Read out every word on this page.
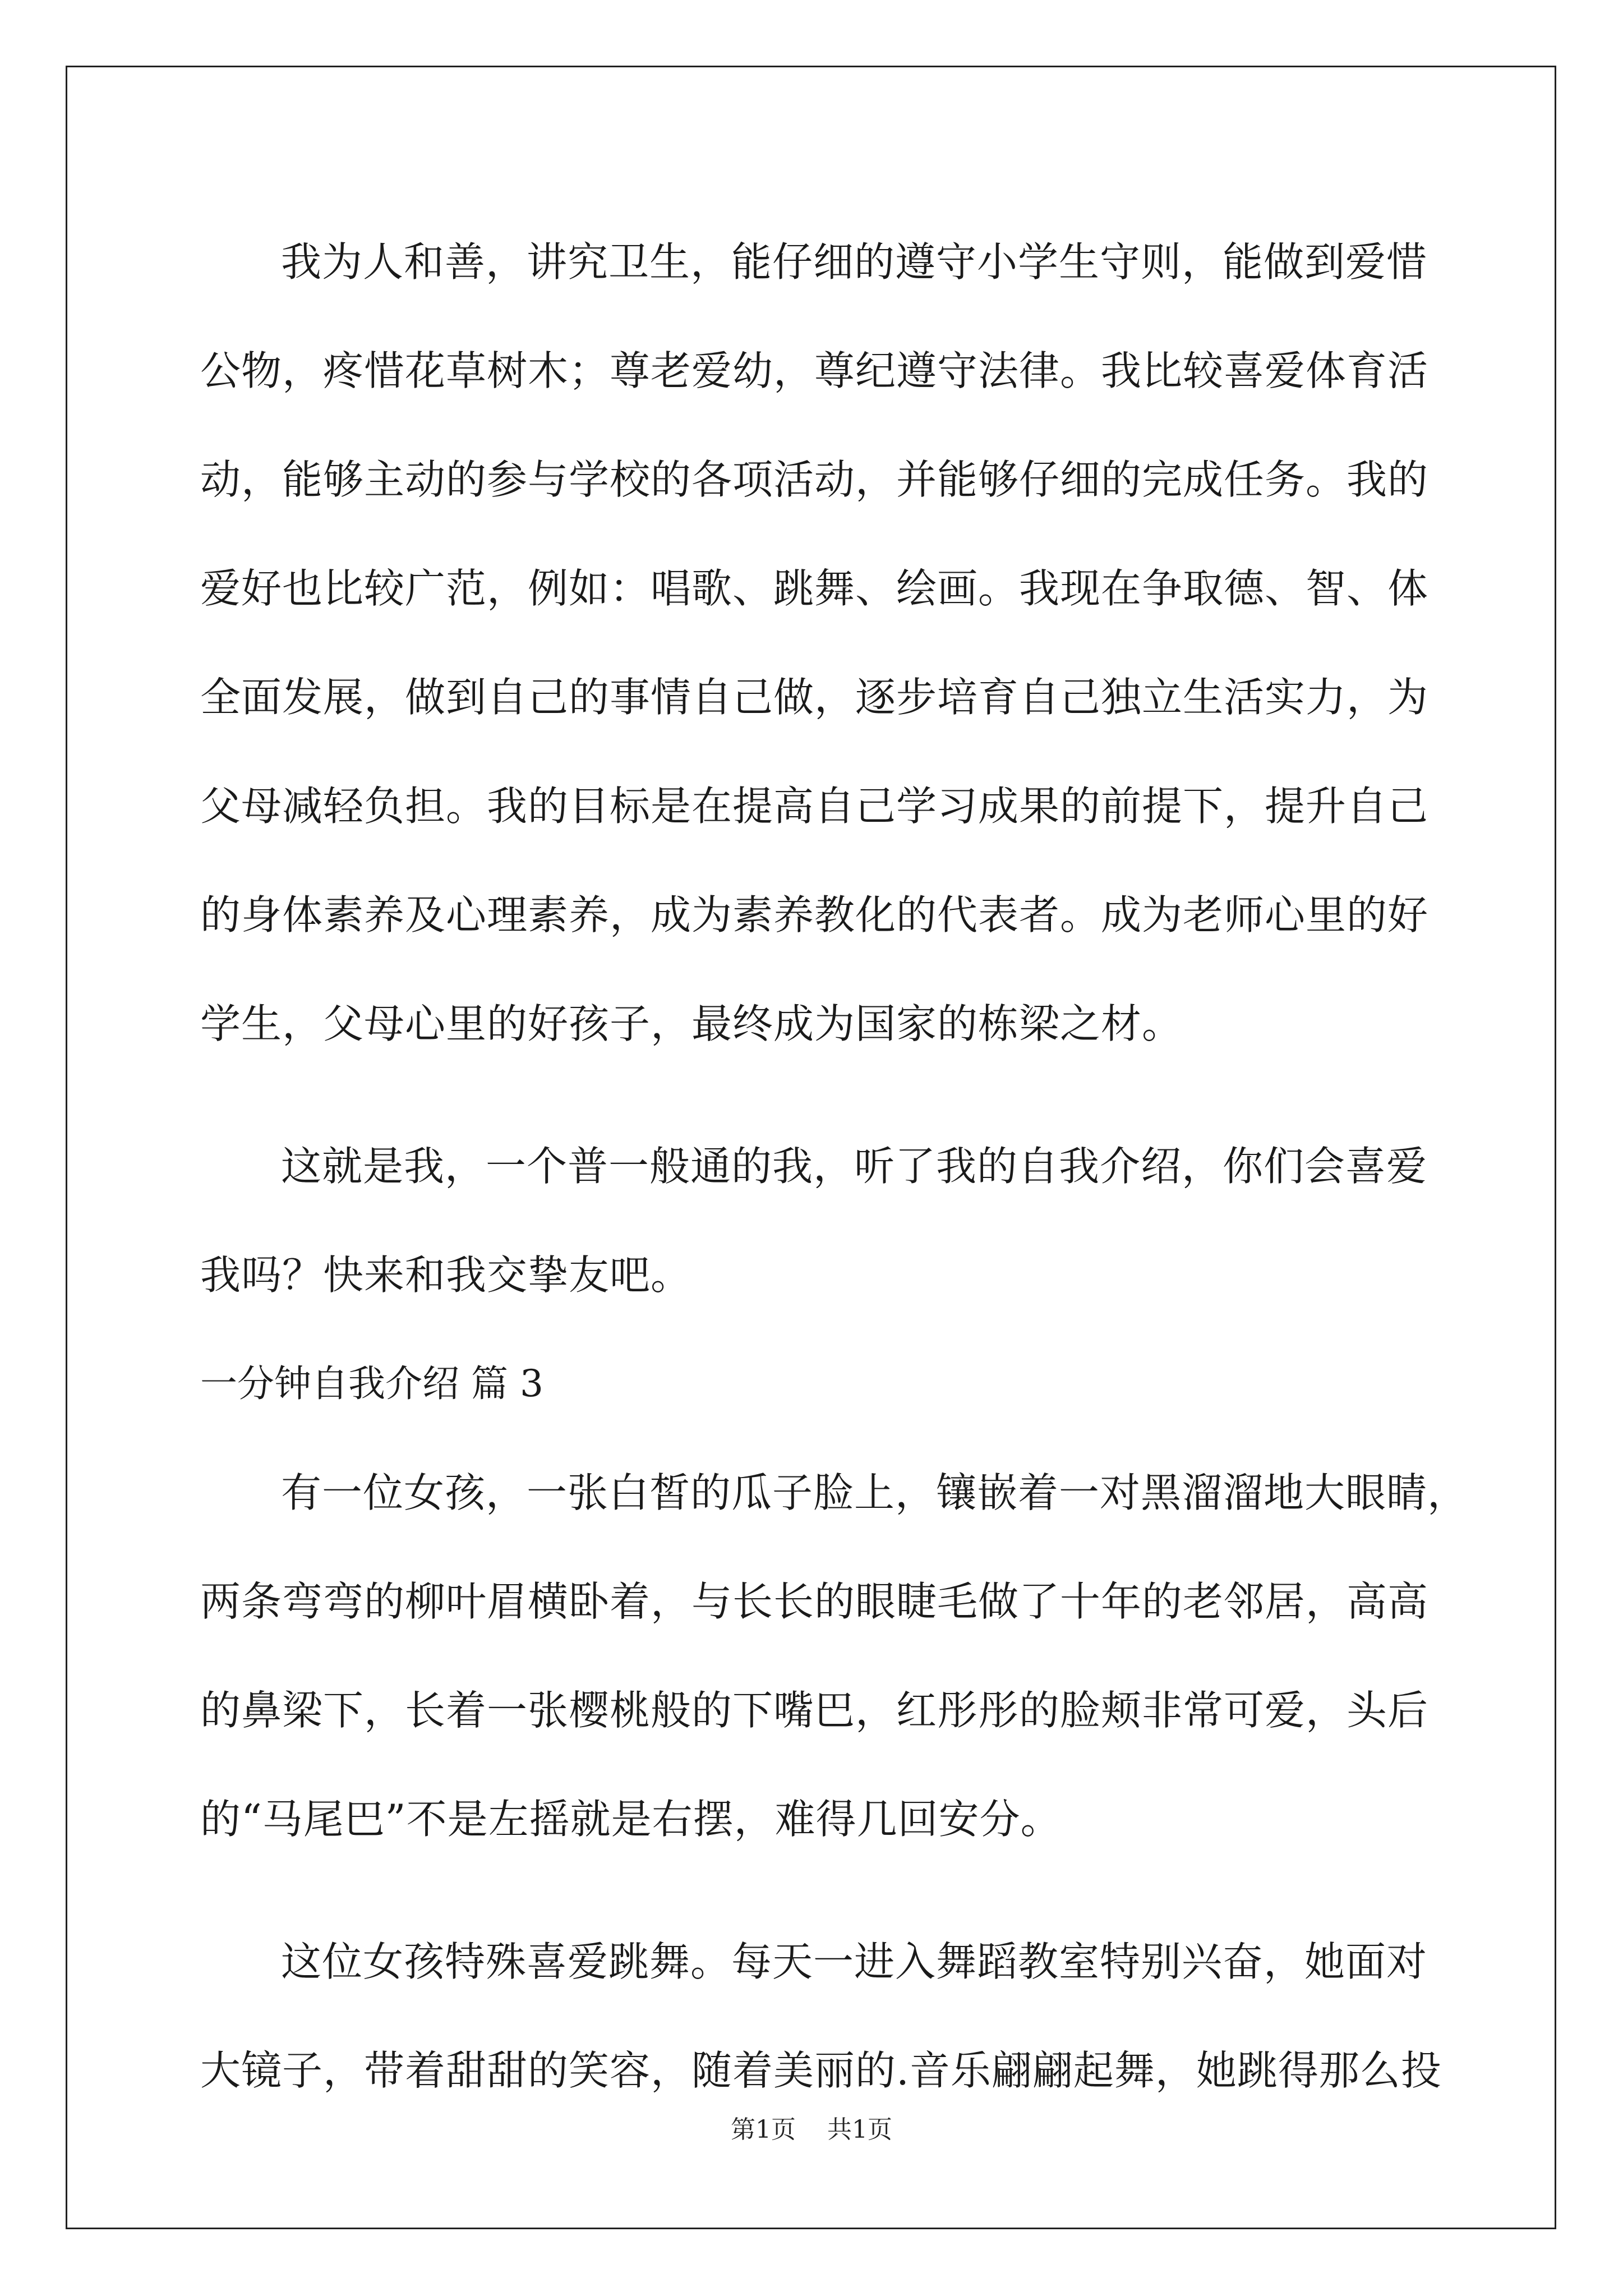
我为人和善，讲究卫生，能仔细的遵守小学生守则，能做到爱惜
公物，疼惜花草树木；尊老爱幼，尊纪遵守法律。我比较喜爱体育活
动，能够主动的参与学校的各项活动，并能够仔细的完成任务。我的
爱好也比较广范，例如：唱歌、跳舞、绘画。我现在争取德、智、体
全面发展，做到自己的事情自己做，逐步培育自己独立生活实力，为
父母减轻负担。我的目标是在提高自己学习成果的前提下，提升自己
的身体素养及心理素养，成为素养教化的代表者。成为老师心里的好
学生，父母心里的好孩子，最终成为国家的栋梁之材。
这就是我，一个普一般通的我，听了我的自我介绍，你们会喜爱
我吗？快来和我交挚友吧。
一分钟自我介绍 篇 3
有一位女孩，一张白皙的瓜子脸上，镶嵌着一对黑溜溜地大眼睛，
两条弯弯的柳叶眉横卧着，与长长的眼睫毛做了十年的老邻居，高高
的鼻梁下，长着一张樱桃般的下嘴巴，红彤彤的脸颊非常可爱，头后
的“马尾巴”不是左摇就是右摆，难得几回安分。
这位女孩特殊喜爱跳舞。每天一进入舞蹈教室特别兴奋，她面对
大镜子，带着甜甜的笑容，随着美丽的.音乐翩翩起舞，她跳得那么投
第1页 共1页
